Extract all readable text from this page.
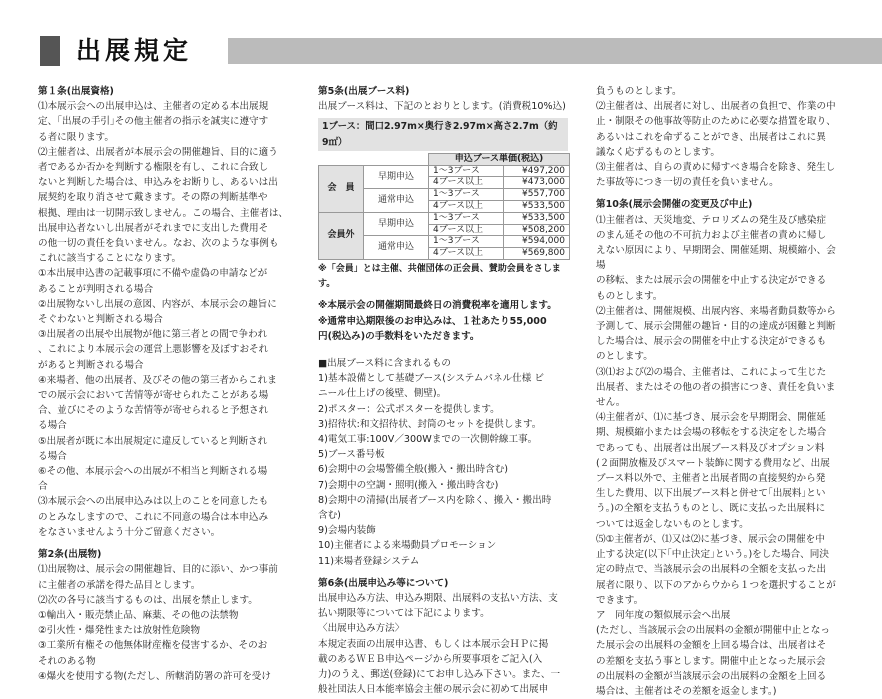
出展規定
第１条(出展資格)
⑴本展示会への出展申込は、主催者の定める本出展規
定、｢出展の手引｣その他主催者の指示を誠実に遵守す
る者に限ります。
⑵主催者は、出展者が本展示会の開催趣旨、目的に適う
者であるか否かを判断する権限を有し、これに合致し
ないと判断した場合は、申込みをお断りし、あるいは出
展契約を取り消させて戴きます。その際の判断基準や
根拠、理由は一切開示致しません。この場合、主催者は、
出展申込者ないし出展者がそれまでに支出した費用そ
の他一切の責任を負いません。なお、次のような事例も
これに該当することになります。
①本出展申込書の記載事項に不備や虚偽の申請などが
あることが判明される場合
②出展物ないし出展の意図、内容が、本展示会の趣旨に
そぐわないと判断される場合
③出展者の出展や出展物が他に第三者との間で争われ
、これにより本展示会の運営上悪影響を及ぼすおそれ
があると判断される場合
④来場者、他の出展者、及びその他の第三者からこれま
での展示会において苦情等が寄せられたことがある場
合、並びにそのような苦情等が寄せられると予想され
る場合
⑤出展者が既に本出展規定に違反していると判断され
る場合
⑥その他、本展示会への出展が不相当と判断される場
合
⑶本展示会への出展申込みは以上のことを同意したも
のとみなしますので、これに不同意の場合は本申込み
をなさいませんよう十分ご留意ください。
第2条(出展物)
⑴出展物は、展示会の開催趣旨、目的に添い、かつ事前
に主催者の承諾を得た品目とします。
⑵次の各号に該当するものは、出展を禁止します。
①輸出入・販売禁止品、麻薬、その他の法禁物
②引火性・爆発性または放射性危険物
③工業所有権その他無体財産権を侵害するか、そのお
それのある物
④爆火を使用する物(ただし、所轄消防署の許可を受け
第5条(出展ブース料)
出展ブース料は、下記のとおりとします。(消費税10%込)
1ブース：間口2.97m×奥行き2.97m×高さ2.7m（約9㎡）
		申込ブース単価(税込)	
会　員	早期申込	1〜3ブース	¥497,200
		4ブース以上	¥473,000
	通常申込	1〜3ブース	¥557,700
		4ブース以上	¥533,500
会員外	早期申込	1〜3ブース	¥533,500
		4ブース以上	¥508,200
	通常申込	1〜3ブース	¥594,000
		4ブース以上	¥569,800
※「会員」とは主催、共催団体の正会員、賛助会員をさします。
※本展示会の開催期間最終日の消費税率を適用します。
※通常申込期限後のお申込みは、１社あたり55,000
円(税込み)の手数料をいただきます。
■出展ブース料に含まれるもの
1)基本設備として基礎ブース(システムパネル仕様 ビ
ニール仕上げの後壁、側壁)。
2)ポスター：公式ポスターを提供します。
3)招待状:和文招待状、封筒のセットを提供します。
4)電気工事:100V／300Wまでの一次側幹線工事。
5)ブース番号板
6)会期中の会場警備全般(搬入・搬出時含む)
7)会期中の空調・照明(搬入・搬出時含む)
8)会期中の清掃(出展者ブース内を除く、搬入・搬出時
含む)
9)会場内装飾
10)主催者による来場動員プロモーション
11)来場者登録システム
第6条(出展申込み等について)
出展申込み方法、申込み期限、出展料の支払い方法、支
払い期限等については下記によります。
〈出展申込み方法〉
本規定表面の出展申込書、もしくは本展示会ＨＰに掲
載のあるＷＥＢ申込ページから所要事項をご記入(入
力)のうえ、郵送(登録)にてお申し込み下さい。また、一
般社団法人日本能率協会主催の展示会に初めて出展申
負うものとします。
⑵主催者は、出展者に対し、出展者の負担で、作業の中
止・制限その他事故等防止のために必要な措置を取り、
あるいはこれを命ずることができ、出展者はこれに異
議なく応ずるものとします。
⑶主催者は、自らの責めに帰すべき場合を除き、発生し
た事故等につき一切の責任を負いません。
第10条(展示会開催の変更及び中止)
⑴主催者は、天災地変、テロリズムの発生及び感染症
のまん延その他の不可抗力および主催者の責めに帰し
えない原因により、早期閉会、開催延期、規模縮小、会場
の移転、または展示会の開催を中止する決定ができる
ものとします。
⑵主催者は、開催規模、出展内容、来場者動員数等から
予測して、展示会開催の趣旨・目的の達成が困難と判断
した場合は、展示会の開催を中止する決定ができるも
のとします。
⑶⑴および⑵の場合、主催者は、これによって生じた
出展者、またはその他の者の損害につき、責任を負いま
せん。
⑷主催者が、⑴に基づき、展示会を早期閉会、開催延
期、規模縮小または会場の移転をする決定をした場合
であっても、出展者は出展ブース料及びオプション料
(２面開放権及びスマート装飾に関する費用など、出展
ブース料以外で、主催者と出展者間の直接契約から発
生した費用、以下出展ブース料と併せて｢出展料｣とい
う。)の全額を支払うものとし、既に支払った出展料に
ついては返金しないものとします。
⑸①主催者が、⑴又は⑵に基づき、展示会の開催を中
止する決定(以下｢中止決定｣という。)をした場合、同決
定の時点で、当該展示会の出展料の全額を支払った出
展者に限り、以下のアからウから１つを選択することが
できます。
ア　同年度の類似展示会へ出展
(ただし、当該展示会の出展料の金額が開催中止となっ
た展示会の出展料の金額を上回る場合は、出展者はそ
の差額を支払う事とします。開催中止となった展示会
の出展料の金額が当該展示会の出展料の金額を上回る
場合は、主催者はその差額を返金します。)
